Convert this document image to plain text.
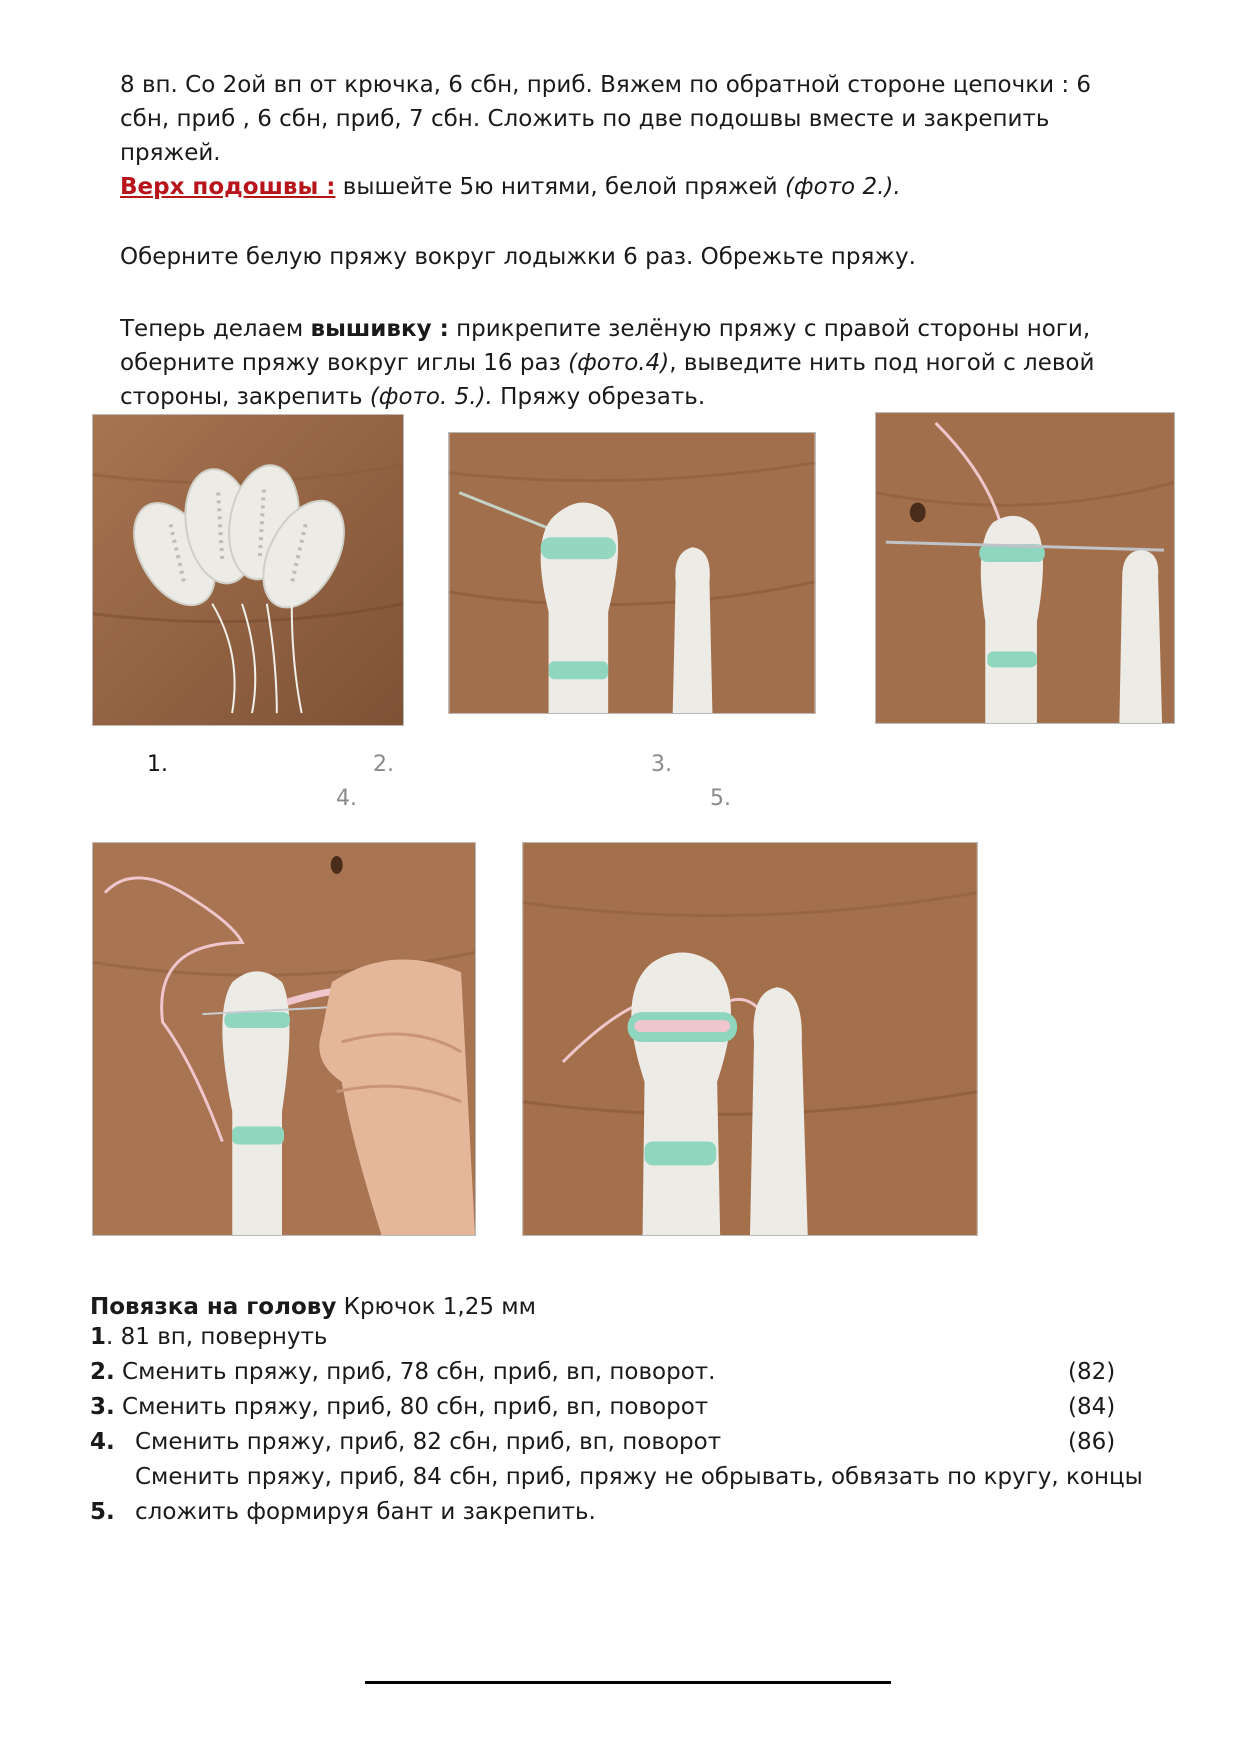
8 вп. Со 2ой вп от крючка, 6 сбн, приб. Вяжем по обратной стороне цепочки : 6
сбн, приб , 6 сбн, приб, 7 сбн. Сложить по две подошвы вместе и закрепить
пряжей.
Верх подошвы : вышейте 5ю нитями, белой пряжей (фото 2.).

Оберните белую пряжу вокруг лодыжки 6 раз. Обрежьте пряжу.

Теперь делаем вышивку : прикрепите зелёную пряжу с правой стороны ноги,
оберните пряжу вокруг иглы 16 раз (фото.4), выведите нить под ногой с левой
стороны, закрепить (фото. 5.). Пряжу обрезать.

1.	2.	3.
4.	5.
Повязка на голову Крючок 1,25 мм
1. 81 вп, повернуть
2. Сменить пряжу, приб, 78 сбн, приб, вп, поворот.	(82)
3. Сменить пряжу, приб, 80 сбн, приб, вп, поворот	(84)
4. Сменить пряжу, приб, 82 сбн, приб, вп, поворот	(86)
Сменить пряжу, приб, 84 сбн, приб, пряжу не обрывать, обвязать по кругу, концы
5. сложить формируя бант и закрепить.
